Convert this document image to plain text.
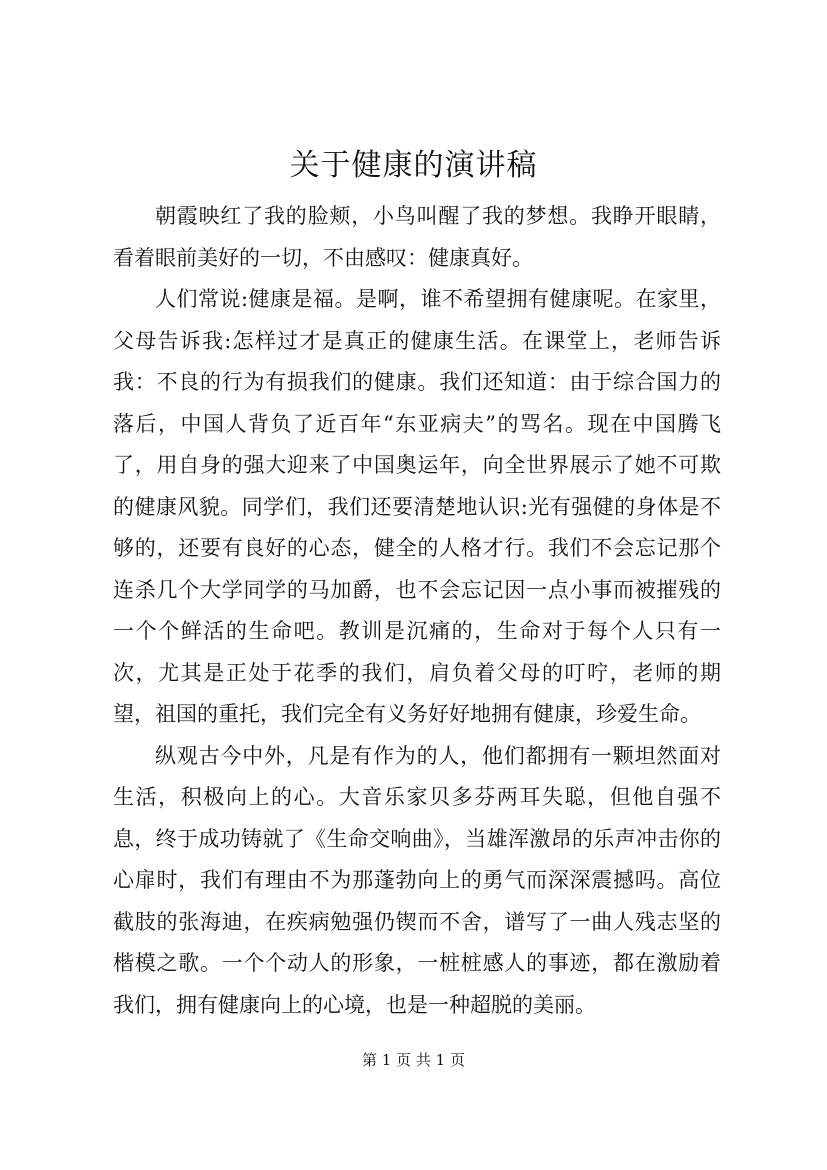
关于健康的演讲稿

朝霞映红了我的脸颊，小鸟叫醒了我的梦想。我睁开眼睛，看着眼前美好的一切，不由感叹：健康真好。

人们常说:健康是福。是啊，谁不希望拥有健康呢。在家里，父母告诉我:怎样过才是真正的健康生活。在课堂上，老师告诉我：不良的行为有损我们的健康。我们还知道：由于综合国力的落后，中国人背负了近百年“东亚病夫”的骂名。现在中国腾飞了，用自身的强大迎来了中国奥运年，向全世界展示了她不可欺的健康风貌。同学们，我们还要清楚地认识:光有强健的身体是不够的，还要有良好的心态，健全的人格才行。我们不会忘记那个连杀几个大学同学的马加爵，也不会忘记因一点小事而被摧残的一个个鲜活的生命吧。教训是沉痛的，生命对于每个人只有一次，尤其是正处于花季的我们，肩负着父母的叮咛，老师的期望，祖国的重托，我们完全有义务好好地拥有健康，珍爱生命。

纵观古今中外，凡是有作为的人，他们都拥有一颗坦然面对生活，积极向上的心。大音乐家贝多芬两耳失聪，但他自强不息，终于成功铸就了《生命交响曲》，当雄浑激昂的乐声冲击你的心扉时，我们有理由不为那蓬勃向上的勇气而深深震撼吗。高位截肢的张海迪，在疾病勉强仍锲而不舍，谱写了一曲人残志坚的楷模之歌。一个个动人的形象，一桩桩感人的事迹，都在激励着我们，拥有健康向上的心境，也是一种超脱的美丽。

第 1 页 共 1 页
